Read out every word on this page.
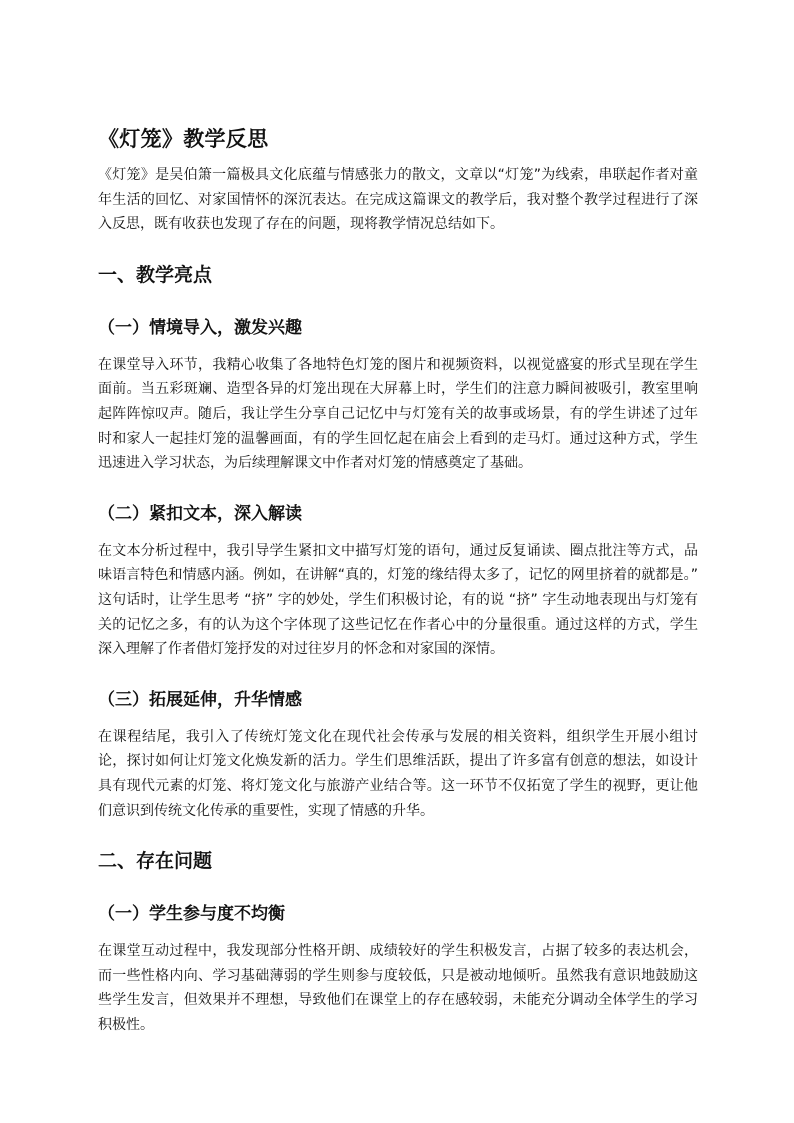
《灯笼》教学反思

《灯笼》是吴伯箫一篇极具文化底蕴与情感张力的散文，文章以“灯笼”为线索，串联起作者对童年生活的回忆、对家国情怀的深沉表达。在完成这篇课文的教学后，我对整个教学过程进行了深入反思，既有收获也发现了存在的问题，现将教学情况总结如下。

一、教学亮点
（一）情境导入，激发兴趣

在课堂导入环节，我精心收集了各地特色灯笼的图片和视频资料，以视觉盛宴的形式呈现在学生面前。当五彩斑斓、造型各异的灯笼出现在大屏幕上时，学生们的注意力瞬间被吸引，教室里响起阵阵惊叹声。随后，我让学生分享自己记忆中与灯笼有关的故事或场景，有的学生讲述了过年时和家人一起挂灯笼的温馨画面，有的学生回忆起在庙会上看到的走马灯。通过这种方式，学生迅速进入学习状态，为后续理解课文中作者对灯笼的情感奠定了基础。

（二）紧扣文本，深入解读

在文本分析过程中，我引导学生紧扣文中描写灯笼的语句，通过反复诵读、圈点批注等方式，品味语言特色和情感内涵。例如，在讲解“真的，灯笼的缘结得太多了，记忆的网里挤着的就都是。” 这句话时，让学生思考 “挤” 字的妙处，学生们积极讨论，有的说 “挤” 字生动地表现出与灯笼有关的记忆之多，有的认为这个字体现了这些记忆在作者心中的分量很重。通过这样的方式，学生深入理解了作者借灯笼抒发的对过往岁月的怀念和对家国的深情。

（三）拓展延伸，升华情感

在课程结尾，我引入了传统灯笼文化在现代社会传承与发展的相关资料，组织学生开展小组讨论，探讨如何让灯笼文化焕发新的活力。学生们思维活跃，提出了许多富有创意的想法，如设计具有现代元素的灯笼、将灯笼文化与旅游产业结合等。这一环节不仅拓宽了学生的视野，更让他们意识到传统文化传承的重要性，实现了情感的升华。

二、存在问题
（一）学生参与度不均衡

在课堂互动过程中，我发现部分性格开朗、成绩较好的学生积极发言，占据了较多的表达机会，而一些性格内向、学习基础薄弱的学生则参与度较低，只是被动地倾听。虽然我有意识地鼓励这些学生发言，但效果并不理想，导致他们在课堂上的存在感较弱，未能充分调动全体学生的学习积极性。
